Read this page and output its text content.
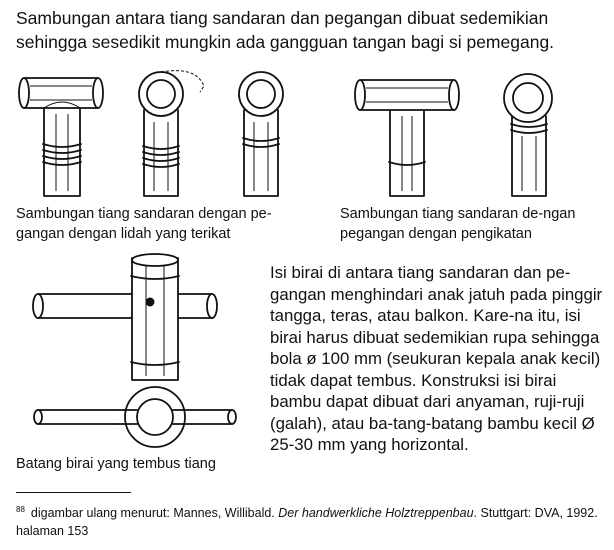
Sambungan antara tiang sandaran dan pegangan dibuat sedemikian sehingga sesedikit mungkin ada gangguan tangan bagi si pemegang.
Sambungan tiang sandaran dengan pe-gangan dengan lidah yang terikat
Sambungan tiang sandaran de-ngan pegangan dengan pengikatan
Batang birai yang tembus tiang
Isi birai di antara tiang sandaran dan pe-gangan menghindari anak jatuh pada pinggir tangga, teras, atau balkon. Kare-na itu, isi birai harus dibuat sedemikian rupa sehingga bola ø 100 mm (seukuran kepala anak kecil) tidak dapat tembus. Konstruksi isi birai bambu dapat dibuat dari anyaman, ruji-ruji (galah), atau ba-tang-batang bambu kecil Ø 25-30 mm yang horizontal.
$^{88}$ digambar ulang menurut: Mannes, Willibald. Der handwerkliche Holztreppenbau. Stuttgart: DVA, 1992. halaman 153
